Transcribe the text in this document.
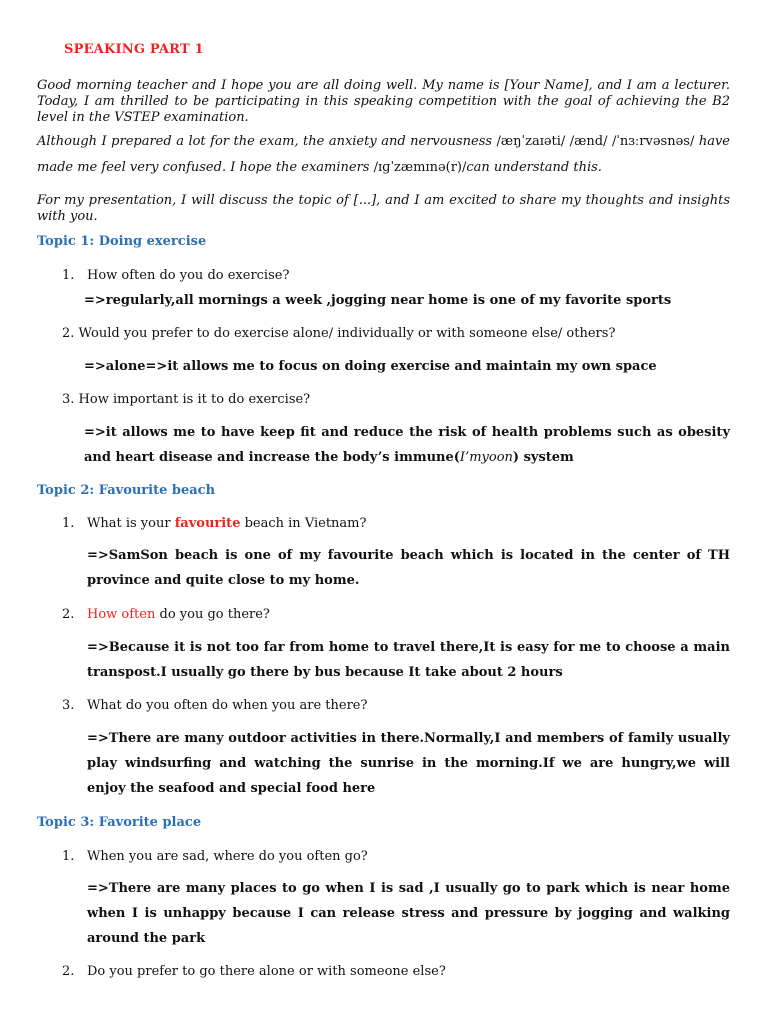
SPEAKING PART 1

Good morning teacher and I hope you are all doing well. My name is [Your Name], and I am a lecturer. Today, I am thrilled to be participating in this speaking competition with the goal of achieving the B2 level in the VSTEP examination.

Although I prepared a lot for the exam, the anxiety and nervousness /æŋˈzaɪəti/ /ænd/ /ˈnɜːrvəsnəs/ have made me feel very confused. I hope the examiners /ɪɡˈzæmɪnə(r)/can understand this.

For my presentation, I will discuss the topic of [...], and I am excited to share my thoughts and insights with you.

Topic 1: Doing exercise
1. How often do you do exercise?
=>regularly,all mornings a week ,jogging near home is one of my favorite sports
2. Would you prefer to do exercise alone/ individually or with someone else/ others?
=>alone=>it allows me to focus on doing exercise and maintain my own space
3. How important is it to do exercise?
=>it allows me to have keep fit and reduce the risk of health problems such as obesity and heart disease and increase the body’s immune(I’myoon) system
Topic 2: Favourite beach
1. What is your favourite beach in Vietnam?
=>SamSon beach is one of my favourite beach which is located in the center of TH province and quite close to my home.
2. How often do you go there?
=>Because it is not too far from home to travel there,It is easy for me to choose a main transpost.I usually go there by bus because It take about 2 hours
3. What do you often do when you are there?
=>There are many outdoor activities in there.Normally,I and members of family usually play windsurfing and watching the sunrise in the morning.If we are hungry,we will enjoy the seafood and special food here
Topic 3: Favorite place
1. When you are sad, where do you often go?
=>There are many places to go when I is sad ,I usually go to park which is near home when I is unhappy because I can release stress and pressure by jogging and walking around the park
2. Do you prefer to go there alone or with someone else?
